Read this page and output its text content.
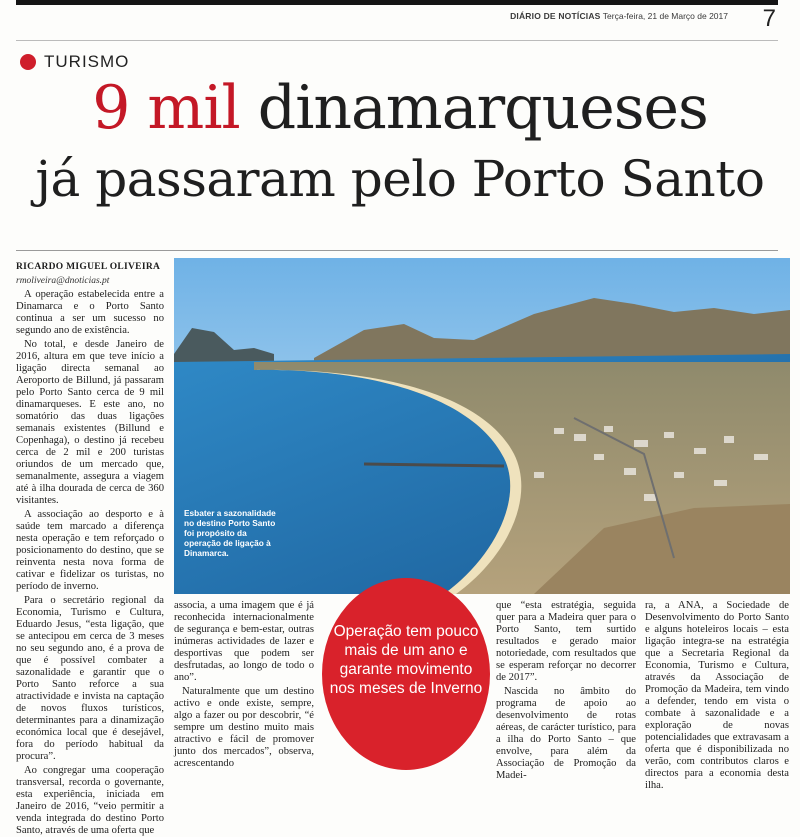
DIÁRIO DE NOTÍCIAS Terça-feira, 21 de Março de 2017 7
TURISMO
9 mil dinamarqueses
já passaram pelo Porto Santo
RICARDO MIGUEL OLIVEIRA
rmoliveira@dnoticias.pt

A operação estabelecida entre a Dinamarca e o Porto Santo continua a ser um sucesso no segundo ano de existência.

No total, e desde Janeiro de 2016, altura em que teve início a ligação directa semanal ao Aeroporto de Billund, já passaram pelo Porto Santo cerca de 9 mil dinamarqueses. E este ano, no somatório das duas ligações semanais existentes (Billund e Copenhaga), o destino já recebeu cerca de 2 mil e 200 turistas oriundos de um mercado que, semanalmente, assegura a viagem até à ilha dourada de cerca de 360 visitantes.

A associação ao desporto e à saúde tem marcado a diferença nesta operação e tem reforçado o posicionamento do destino, que se reinventa nesta nova forma de cativar e fidelizar os turistas, no período de inverno.

Para o secretário regional da Economia, Turismo e Cultura, Eduardo Jesus, “esta ligação, que se antecipou em cerca de 3 meses no seu segundo ano, é a prova de que é possível combater a sazonalidade e garantir que o Porto Santo reforce a sua atractividade e invista na captação de novos fluxos turísticos, determinantes para a dinamização económica local que é desejável, fora do período habitual da procura”.

Ao congregar uma cooperação transversal, recorda o governante, esta experiência, iniciada em Janeiro de 2016, “veio permitir a venda integrada do destino Porto Santo, através de uma oferta que

Esbater a sazonalidade no destino Porto Santo foi propósito da operação de ligação à Dinamarca.

associa, a uma imagem que é já reconhecida internacionalmente de segurança e bem-estar, outras inúmeras actividades de lazer e desportivas que podem ser desfrutadas, ao longo de todo o ano”.

Naturalmente que um destino activo e onde existe, sempre, algo a fazer ou por descobrir, “é sempre um destino muito mais atractivo e fácil de promover junto dos mercados”, observa, acrescentando

Operação tem pouco mais de um ano e garante movimento nos meses de Inverno

que “esta estratégia, seguida quer para a Madeira quer para o Porto Santo, tem surtido resultados e gerado maior notoriedade, com resultados que se esperam reforçar no decorrer de 2017”.

Nascida no âmbito do programa de apoio ao desenvolvimento de rotas aéreas, de carácter turístico, para a ilha do Porto Santo – que envolve, para além da Associação de Promoção da Madei-

ra, a ANA, a Sociedade de Desenvolvimento do Porto Santo e alguns hoteleiros locais – esta ligação integra-se na estratégia que a Secretaria Regional da Economia, Turismo e Cultura, através da Associação de Promoção da Madeira, tem vindo a defender, tendo em vista o combate à sazonalidade e a exploração de novas potencialidades que extravasam a oferta que é disponibilizada no verão, com contributos claros e directos para a economia desta ilha.
